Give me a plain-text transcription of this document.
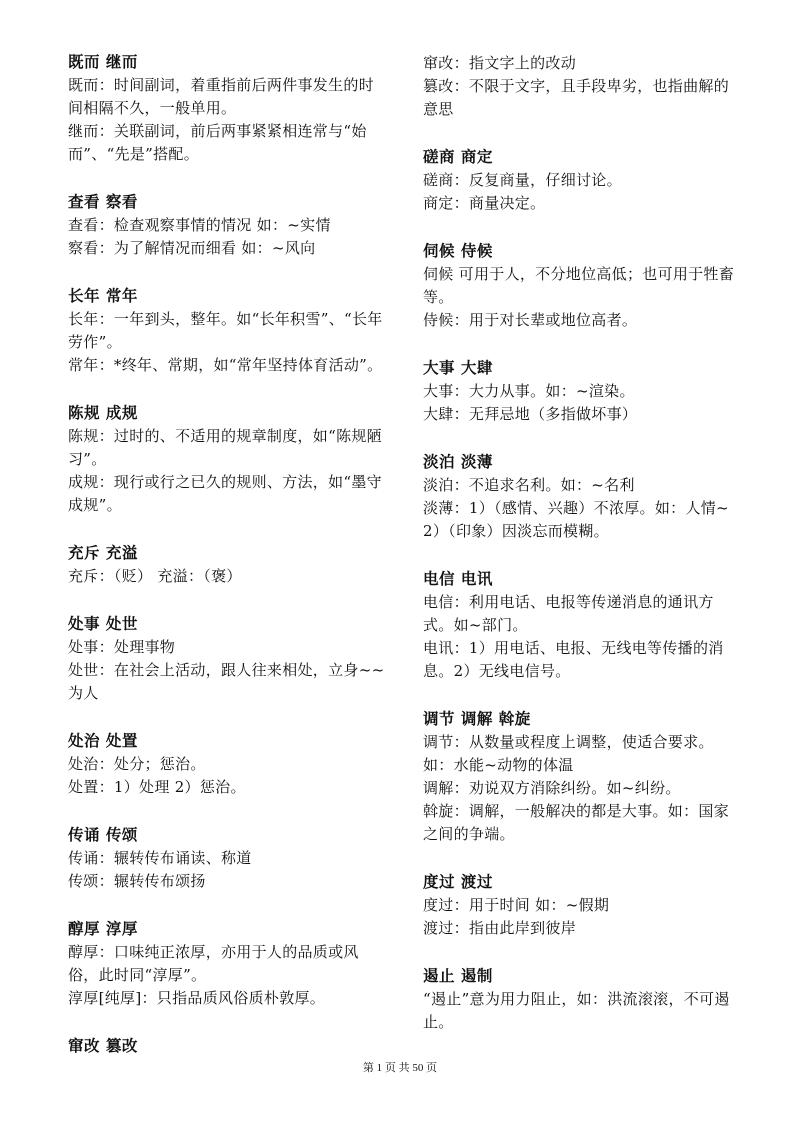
既而 继而
既而：时间副词，着重指前后两件事发生的时间相隔不久，一般单用。
继而：关联副词，前后两事紧紧相连常与“始而”、“先是”搭配。
查看 察看
查看：检查观察事情的情况 如：~实情
察看：为了解情况而细看 如：~风向
长年 常年
长年：一年到头，整年。如“长年积雪”、“长年劳作”。
常年：*终年、常期，如“常年坚持体育活动”。
陈规 成规
陈规：过时的、不适用的规章制度，如“陈规陋习”。
成规：现行或行之已久的规则、方法，如“墨守成规”。
充斥 充溢
充斥：（贬） 充溢：（褒）
处事 处世
处事：处理事物
处世：在社会上活动，跟人往来相处，立身~~为人
处治 处置
处治：处分；惩治。
处置：1）处理 2）惩治。
传诵 传颂
传诵：辗转传布诵读、称道
传颂：辗转传布颂扬
醇厚 淳厚
醇厚：口味纯正浓厚，亦用于人的品质或风俗，此时同“淳厚”。
淳厚[纯厚]：只指品质风俗质朴敦厚。
窜改 篡改
窜改：指文字上的改动
篡改：不限于文字，且手段卑劣，也指曲解的意思
磋商 商定
磋商：反复商量，仔细讨论。
商定：商量决定。
伺候 侍候
伺候 可用于人，不分地位高低；也可用于牲畜等。
侍候：用于对长辈或地位高者。
大事 大肆
大事：大力从事。如：~渲染。
大肆：无拜忌地（多指做坏事）
淡泊 淡薄
淡泊：不追求名利。如：~名利
淡薄：1）（感情、兴趣）不浓厚。如：人情~ 2）（印象）因淡忘而模糊。
电信 电讯
电信：利用电话、电报等传递消息的通讯方式。如~部门。
电讯：1）用电话、电报、无线电等传播的消息。2）无线电信号。
调节 调解 斡旋
调节：从数量或程度上调整，使适合要求。
如：水能~动物的体温
调解：劝说双方消除纠纷。如~纠纷。
斡旋：调解，一般解决的都是大事。如：国家之间的争端。
度过 渡过
度过：用于时间 如：~假期
渡过：指由此岸到彼岸
遏止 遏制
“遏止”意为用力阻止，如：洪流滚滚，不可遏止。
第 1 页 共 50 页
